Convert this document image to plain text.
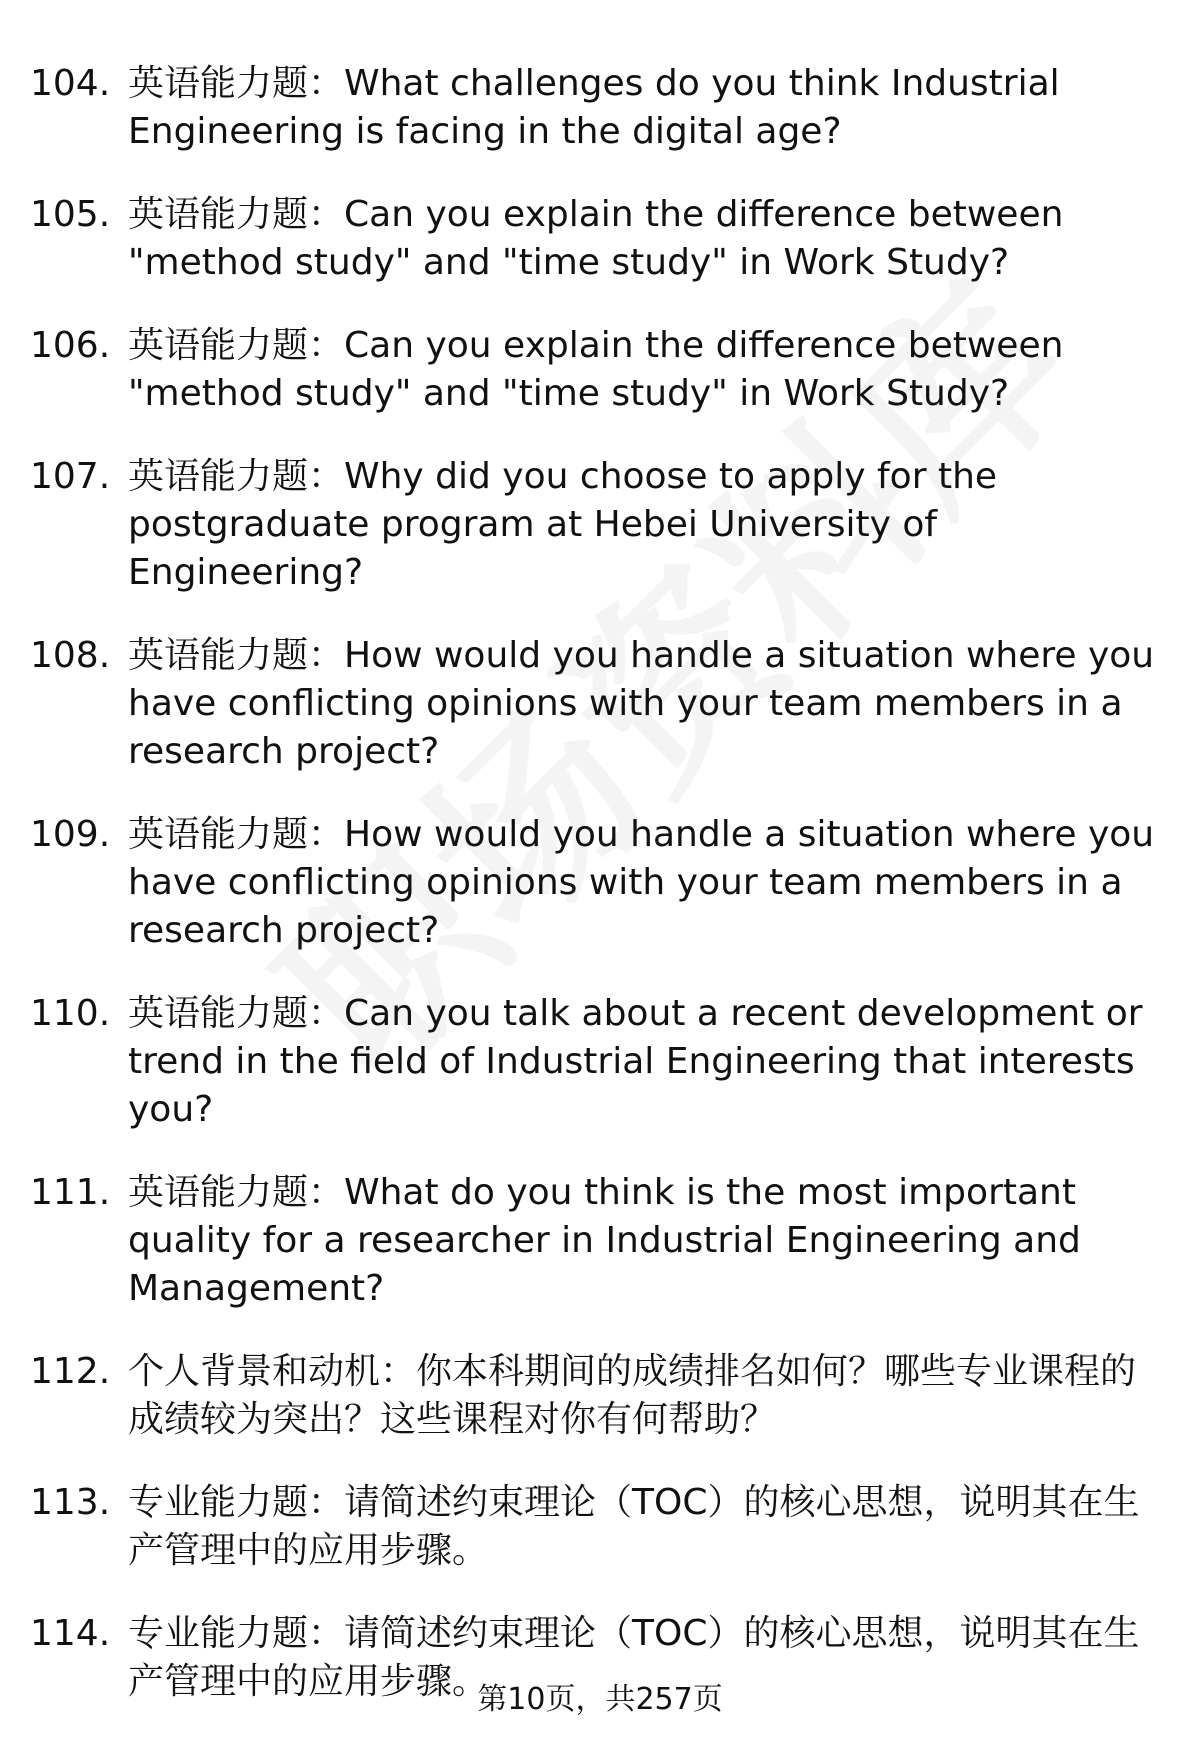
104. 英语能力题：What challenges do you think Industrial Engineering is facing in the digital age?
105. 英语能力题：Can you explain the difference between "method study" and "time study" in Work Study?
106. 英语能力题：Can you explain the difference between "method study" and "time study" in Work Study?
107. 英语能力题：Why did you choose to apply for the postgraduate program at Hebei University of Engineering?
108. 英语能力题：How would you handle a situation where you have conflicting opinions with your team members in a research project?
109. 英语能力题：How would you handle a situation where you have conflicting opinions with your team members in a research project?
110. 英语能力题：Can you talk about a recent development or trend in the field of Industrial Engineering that interests you?
111. 英语能力题：What do you think is the most important quality for a researcher in Industrial Engineering and Management?
112. 个人背景和动机：你本科期间的成绩排名如何？哪些专业课程的成绩较为突出？这些课程对你有何帮助？
113. 专业能力题：请简述约束理论（TOC）的核心思想，说明其在生产管理中的应用步骤。
114. 专业能力题：请简述约束理论（TOC）的核心思想，说明其在生产管理中的应用步骤。
第10页，共257页
